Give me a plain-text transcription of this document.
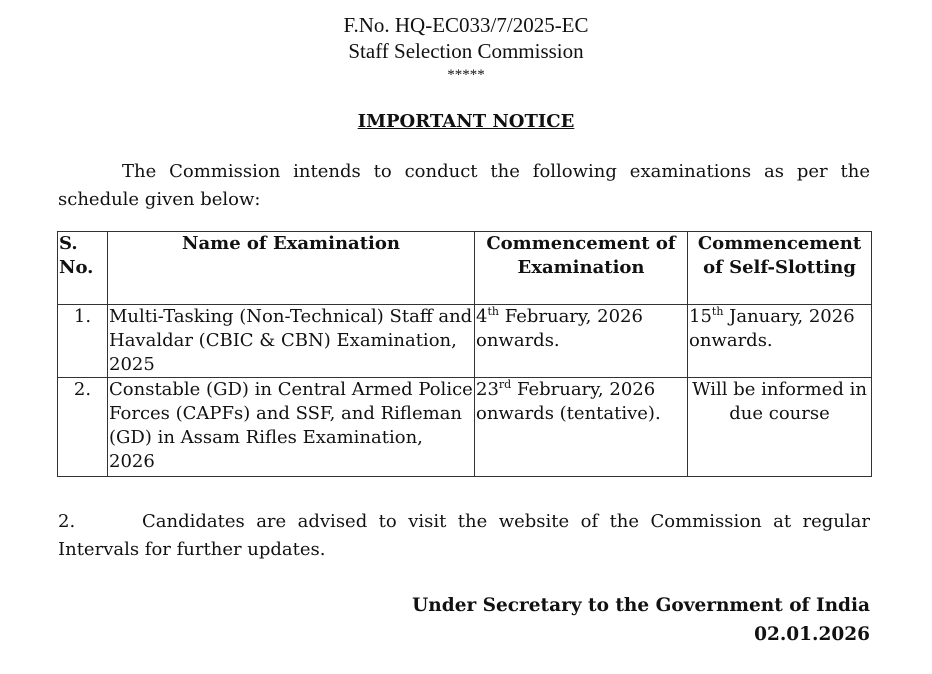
F.No. HQ-EC033/7/2025-EC
Staff Selection Commission
*****
IMPORTANT NOTICE
The Commission intends to conduct the following examinations as per the schedule given below:
S. No.	Name of Examination	Commencement of Examination	Commencement of Self-Slotting
1.	Multi-Tasking (Non-Technical) Staff and Havaldar (CBIC & CBN) Examination, 2025	4th February, 2026 onwards.	15th January, 2026 onwards.
2.	Constable (GD) in Central Armed Police Forces (CAPFs) and SSF, and Rifleman (GD) in Assam Rifles Examination, 2026	23rd February, 2026 onwards (tentative).	Will be informed in due course
2.	Candidates are advised to visit the website of the Commission at regular Intervals for further updates.
Under Secretary to the Government of India
02.01.2026
